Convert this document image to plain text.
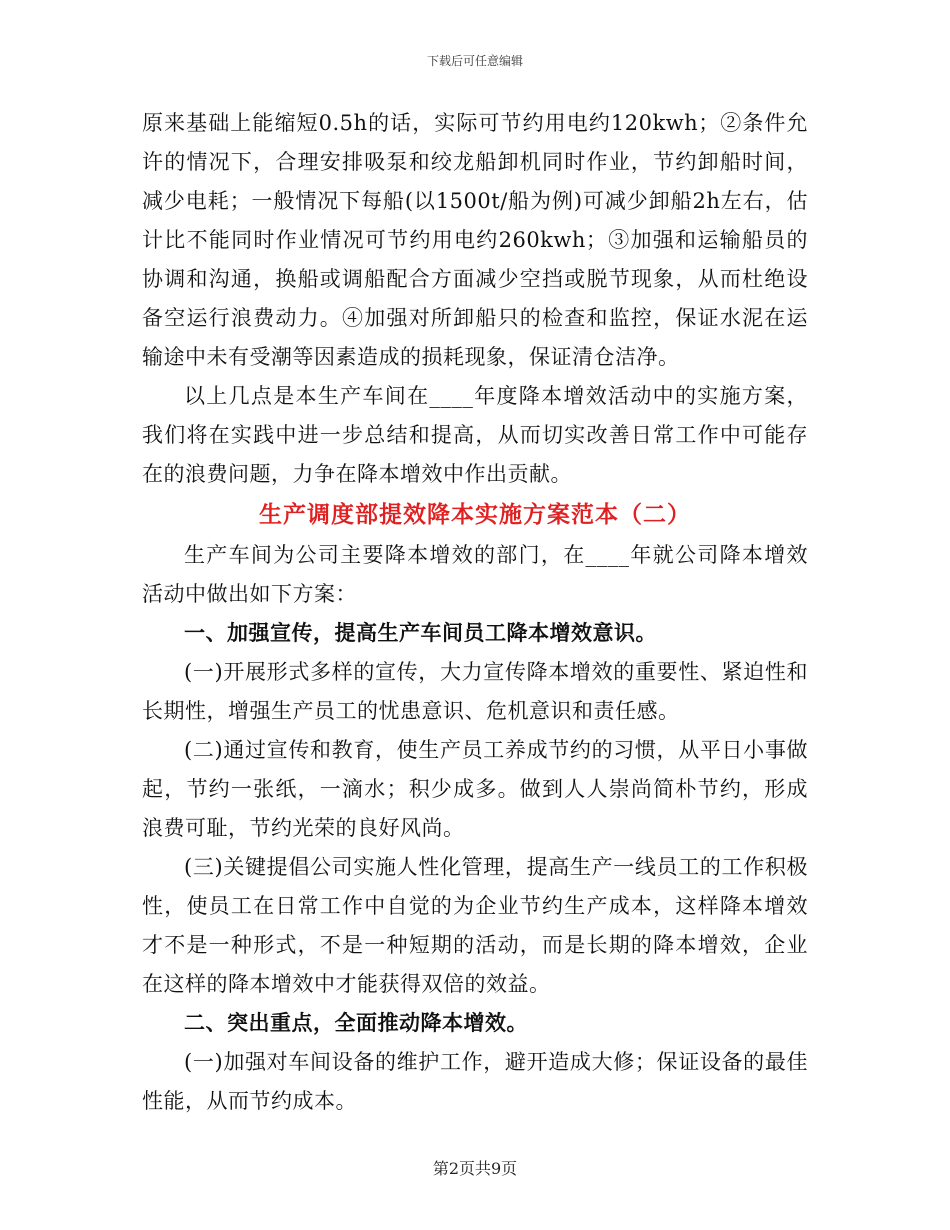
下载后可任意编辑

原来基础上能缩短0.5h的话，实际可节约用电约120kwh；②条件允许的情况下，合理安排吸泵和绞龙船卸机同时作业，节约卸船时间，减少电耗；一般情况下每船(以1500t/船为例)可减少卸船2h左右，估计比不能同时作业情况可节约用电约260kwh；③加强和运输船员的协调和沟通，换船或调船配合方面减少空挡或脱节现象，从而杜绝设备空运行浪费动力。④加强对所卸船只的检查和监控，保证水泥在运输途中未有受潮等因素造成的损耗现象，保证清仓洁净。

以上几点是本生产车间在____年度降本增效活动中的实施方案，我们将在实践中进一步总结和提高，从而切实改善日常工作中可能存在的浪费问题，力争在降本增效中作出贡献。

生产调度部提效降本实施方案范本（二）

生产车间为公司主要降本增效的部门，在____年就公司降本增效活动中做出如下方案：

一、加强宣传，提高生产车间员工降本增效意识。

(一)开展形式多样的宣传，大力宣传降本增效的重要性、紧迫性和长期性，增强生产员工的忧患意识、危机意识和责任感。

(二)通过宣传和教育，使生产员工养成节约的习惯，从平日小事做起，节约一张纸，一滴水；积少成多。做到人人崇尚简朴节约，形成浪费可耻，节约光荣的良好风尚。

(三)关键提倡公司实施人性化管理，提高生产一线员工的工作积极性，使员工在日常工作中自觉的为企业节约生产成本，这样降本增效才不是一种形式，不是一种短期的活动，而是长期的降本增效，企业在这样的降本增效中才能获得双倍的效益。

二、突出重点，全面推动降本增效。

(一)加强对车间设备的维护工作，避开造成大修；保证设备的最佳性能，从而节约成本。

第2页共9页
